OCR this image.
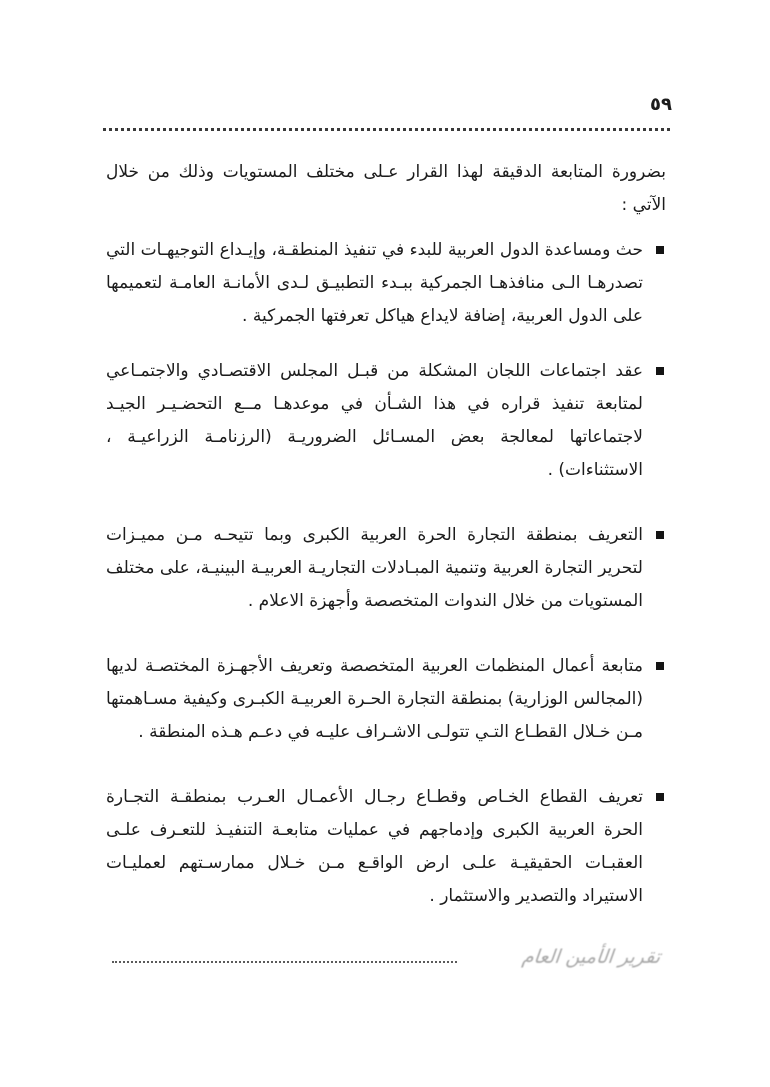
٥٩

بضرورة المتابعة الدقيقة لهذا القرار عـلى مختلف المستويات وذلك من خلال الآتي :

حث ومساعدة الدول العربية للبدء في تنفيذ المنطقـة، وإيـداع التوجيهـات التي تصدرهـا الـى منافذهـا الجمركية ببـدء التطبيـق لـدى الأمانـة العامـة لتعميمها على الدول العربية، إضافة لايداع هياكل تعرفتها الجمركية .
عقد اجتماعات اللجان المشكلة من قبـل المجلس الاقتصـادي والاجتمـاعي لمتابعة تنفيذ قراره في هذا الشـأن في موعدهـا مــع التحضـيـر الجيـد لاجتماعاتها لمعالجة بعض المسـائل الضروريـة (الرزنامـة الزراعيـة ، الاستثناءات) .
التعريف بمنطقة التجارة الحرة العربية الكبرى وبما تتيحـه مـن مميـزات لتحرير التجارة العربية وتنمية المبـادلات التجاريـة العربيـة البينيـة، على مختلف المستويات من خلال الندوات المتخصصة وأجهزة الاعلام .
متابعة أعمال المنظمات العربية المتخصصة وتعريف الأجهـزة المختصـة لديها (المجالس الوزارية) بمنطقة التجارة الحـرة العربيـة الكبـرى وكيفية مسـاهمتها مـن خـلال القطـاع التـي تتولـى الاشـراف عليـه في دعـم هـذه المنطقة .
تعريف القطاع الخـاص وقطـاع رجـال الأعمـال العـرب بمنطقـة التجـارة الحرة العربية الكبرى وإدماجهم في عمليات متابعـة التنفيـذ للتعـرف علـى العقبـات الحقيقيـة علـى ارض الواقـع مـن خـلال ممارسـتهم لعمليـات الاستيراد والتصدير والاستثمار .
تقرير الأمين العام
